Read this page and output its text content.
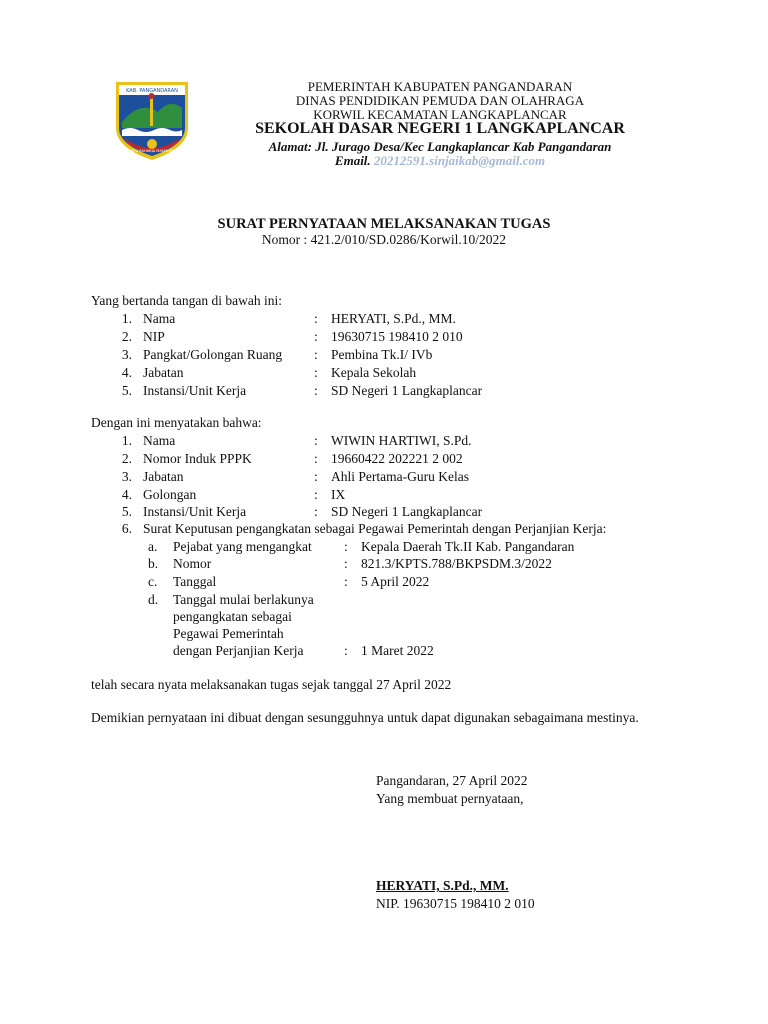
KAB. PANGANDARAN
KERTA RAHARJA MAKMURRA
PEMERINTAH KABUPATEN PANGANDARAN
DINAS PENDIDIKAN PEMUDA DAN OLAHRAGA
KORWIL KECAMATAN LANGKAPLANCAR
SEKOLAH DASAR NEGERI 1 LANGKAPLANCAR
Alamat: Jl. Jurago Desa/Kec Langkaplancar Kab Pangandaran
Email. 20212591.sinjaikab@gmail.com
SURAT PERNYATAAN MELAKSANAKAN TUGAS
Nomor : 421.2/010/SD.0286/Korwil.10/2022
Yang bertanda tangan di bawah ini:
1. Nama	: HERYATI, S.Pd., MM.
2. NIP	: 19630715 198410 2 010
3. Pangkat/Golongan Ruang : Pembina Tk.I/ IVb
4. Jabatan	: Kepala Sekolah
5. Instansi/Unit Kerja	: SD Negeri 1 Langkaplancar
Dengan ini menyatakan bahwa:
1. Nama	: WIWIN HARTIWI, S.Pd.
2. Nomor Induk PPPK	: 19660422 202221 2 002
3. Jabatan	: Ahli Pertama-Guru Kelas
4. Golongan	: IX
5. Instansi/Unit Kerja	: SD Negeri 1 Langkaplancar
6. Surat Keputusan pengangkatan sebagai Pegawai Pemerintah dengan Perjanjian Kerja:
a. Pejabat yang mengangkat : Kepala Daerah Tk.II Kab. Pangandaran
b. Nomor	: 821.3/KPTS.788/BKPSDM.3/2022
c. Tanggal	: 5 April 2022
d. Tanggal mulai berlakunya
pengangkatan sebagai
Pegawai Pemerintah
dengan Perjanjian Kerja	: 1 Maret 2022
telah secara nyata melaksanakan tugas sejak tanggal 27 April 2022
Demikian pernyataan ini dibuat dengan sesungguhnya untuk dapat digunakan sebagaimana mestinya.
Pangandaran, 27 April 2022
Yang membuat pernyataan,
HERYATI, S.Pd., MM.
NIP. 19630715 198410 2 010
